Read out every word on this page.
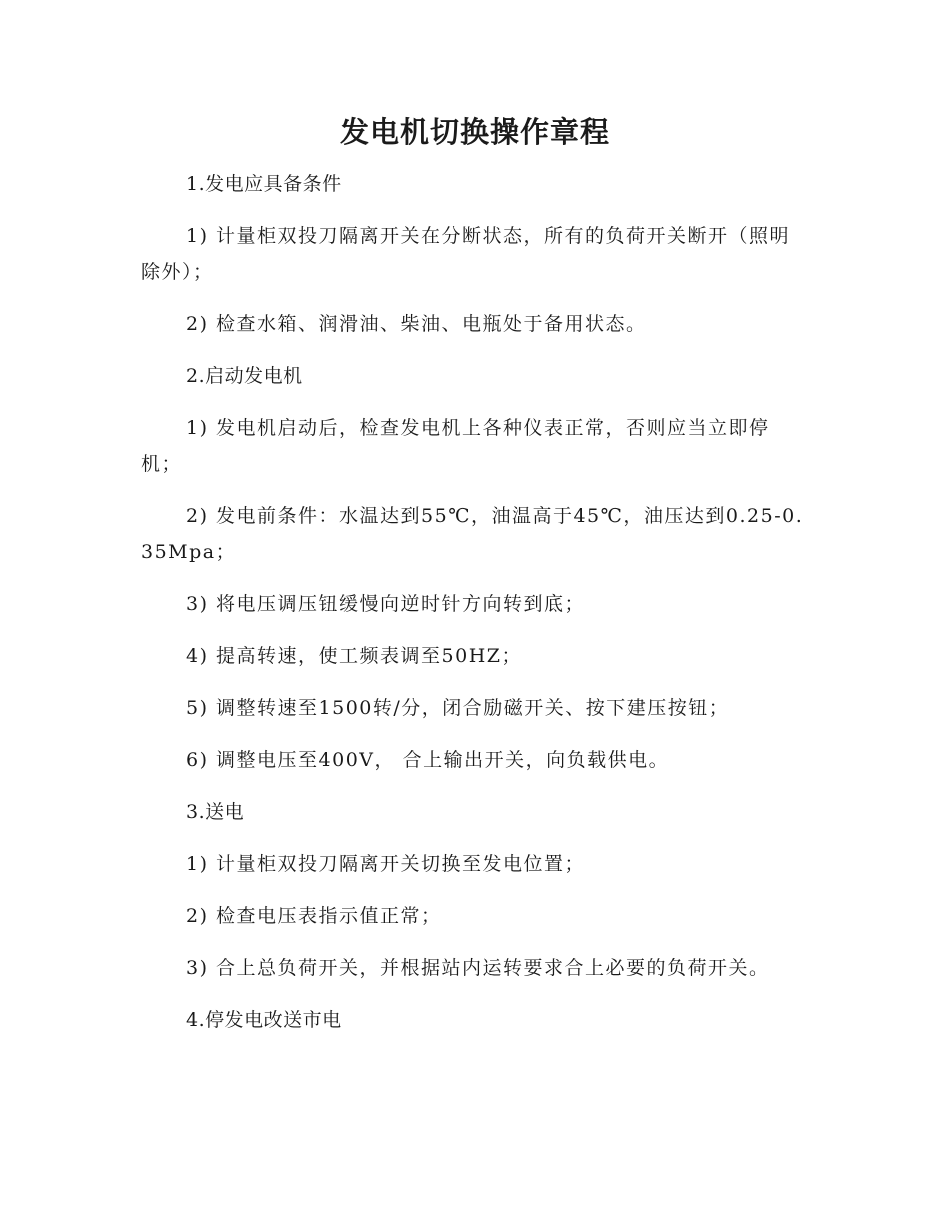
发电机切换操作章程

1.发电应具备条件

1) 计量柜双投刀隔离开关在分断状态，所有的负荷开关断开（照明除外）；

2) 检查水箱、润滑油、柴油、电瓶处于备用状态。

2.启动发电机

1) 发电机启动后，检查发电机上各种仪表正常，否则应当立即停机；

2) 发电前条件：水温达到55℃，油温高于45℃，油压达到0.25-0.35Mpa；

3) 将电压调压钮缓慢向逆时针方向转到底；

4) 提高转速，使工频表调至50HZ；

5) 调整转速至1500转/分，闭合励磁开关、按下建压按钮；

6) 调整电压至400V， 合上输出开关，向负载供电。

3.送电

1) 计量柜双投刀隔离开关切换至发电位置；

2) 检查电压表指示值正常；

3) 合上总负荷开关，并根据站内运转要求合上必要的负荷开关。

4.停发电改送市电
